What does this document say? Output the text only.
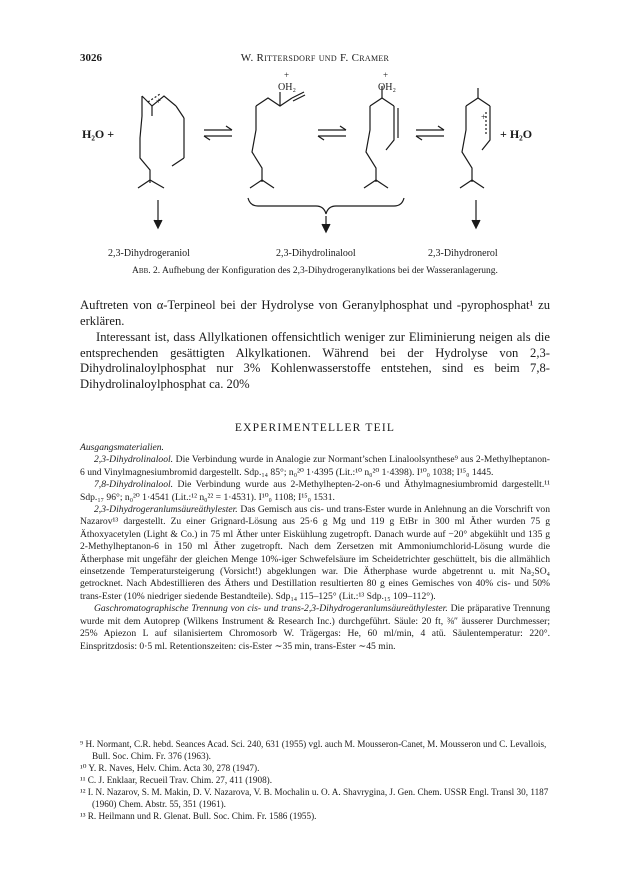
3026	W. Rittersdorf und F. Cramer
H₂O +
+
OH₂
+
OH₂
+
+
+ H₂O
2,3-Dihydrogeraniol	2,3-Dihydrolinalool	2,3-Dihydronerol
Abb. 2. Aufhebung der Konfiguration des 2,3-Dihydrogeranylkations bei der Wasseranlagerung.
Auftreten von α-Terpineol bei der Hydrolyse von Geranylphosphat und -pyrophosphat¹ zu erklären.
Interessant ist, dass Allylkationen offensichtlich weniger zur Eliminierung neigen als die entsprechenden gesättigten Alkylkationen. Während bei der Hydrolyse von 2,3-Dihydrolinaloylphosphat nur 3% Kohlenwasserstoffe entstehen, sind es beim 7,8-Dihydrolinaloylphosphat ca. 20%
EXPERIMENTELLER TEIL

Ausgangsmaterialien.

2,3-Dihydrolinalool. Die Verbindung wurde in Analogie zur Normant’schen Linaloolsynthese⁹ aus 2-Methylheptanon-6 und Vinylmagnesiumbromid dargestellt. Sdp.₁₄ 85°; n₀²⁰ 1·4395 (Lit.:¹⁰ n₀²⁰ 1·4398). I¹⁰₀ 1038; I¹⁵₀ 1445.

7,8-Dihydrolinalool. Die Verbindung wurde aus 2-Methylhepten-2-on-6 und Äthylmagnesiumbromid dargestellt.¹¹ Sdp.₁₇ 96°; n₀²⁰ 1·4541 (Lit.:¹² n₀²² = 1·4531). I¹⁰₀ 1108; I¹⁵₀ 1531.

2,3-Dihydrogeranlumsäureäthylester. Das Gemisch aus cis- und trans-Ester wurde in Anlehnung an die Vorschrift von Nazarov¹³ dargestellt. Zu einer Grignard-Lösung aus 25·6 g Mg und 119 g EtBr in 300 ml Äther wurden 75 g Äthoxyacetylen (Light & Co.) in 75 ml Äther unter Eiskühlung zugetropft. Danach wurde auf −20° abgekühlt und 135 g 2-Methylheptanon-6 in 150 ml Äther zugetropft. Nach dem Zersetzen mit Ammoniumchlorid-Lösung wurde die Ätherphase mit ungefähr der gleichen Menge 10%-iger Schwefelsäure im Scheidetrichter geschüttelt, bis die allmählich einsetzende Temperatursteigerung (Vorsicht!) abgeklungen war. Die Ätherphase wurde abgetrennt u. mit Na₂SO₄ getrocknet. Nach Abdestillieren des Äthers und Destillation resultierten 80 g eines Gemisches von 40% cis- und 50% trans-Ester (10% niedriger siedende Bestandteile). Sdp₁₄ 115–125° (Lit.:¹³ Sdp.₁₅ 109–112°).

Gaschromatographische Trennung von cis- und trans-2,3-Dihydrogeranlumsäureäthylester. Die präparative Trennung wurde mit dem Autoprep (Wilkens Instrument & Research Inc.) durchgeführt. Säule: 20 ft, ⅜″ äusserer Durchmesser; 25% Apiezon L auf silanisiertem Chromosorb W. Trägergas: He, 60 ml/min, 4 atü. Säulentemperatur: 220°. Einspritzdosis: 0·5 ml. Retentionszeiten: cis-Ester ∼35 min, trans-Ester ∼45 min.

⁹ H. Normant, C.R. hebd. Seances Acad. Sci. 240, 631 (1955) vgl. auch M. Mousseron-Canet, M. Mousseron und C. Levallois, Bull. Soc. Chim. Fr. 376 (1963).

¹⁰ Y. R. Naves, Helv. Chim. Acta 30, 278 (1947).

¹¹ C. J. Enklaar, Recueil Trav. Chim. 27, 411 (1908).

¹² I. N. Nazarov, S. M. Makin, D. V. Nazarova, V. B. Mochalin u. O. A. Shavrygina, J. Gen. Chem. USSR Engl. Transl 30, 1187 (1960) Chem. Abstr. 55, 351 (1961).

¹³ R. Heilmann und R. Glenat. Bull. Soc. Chim. Fr. 1586 (1955).
